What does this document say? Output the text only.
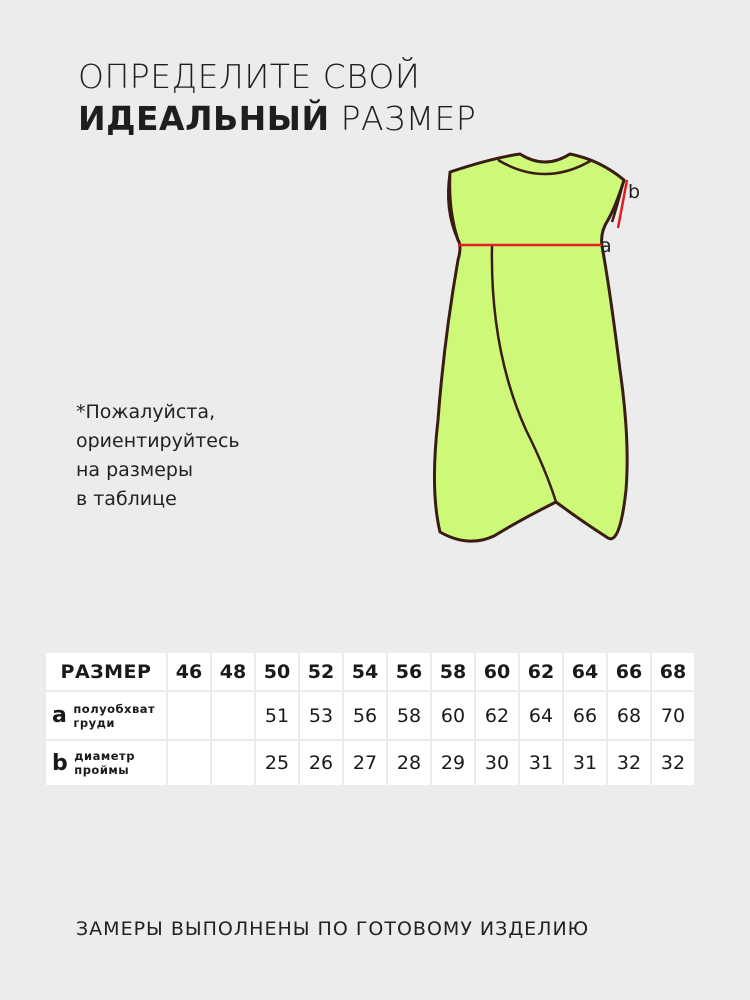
ОПРЕДЕЛИТЕ СВОЙ
ИДЕАЛЬНЫЙ РАЗМЕР
*Пожалуйста,
ориентируйтесь
на размеры
в таблице
a
b
РАЗМЕР	46	48	50	52	54	56	58	60	62	64	66	68

a полуобхват
груди			51	53	56	58	60	62	64	66	68	70

b диаметр
проймы			25	26	27	28	29	30	31	31	32	32
ЗАМЕРЫ ВЫПОЛНЕНЫ ПО ГОТОВОМУ ИЗДЕЛИЮ
